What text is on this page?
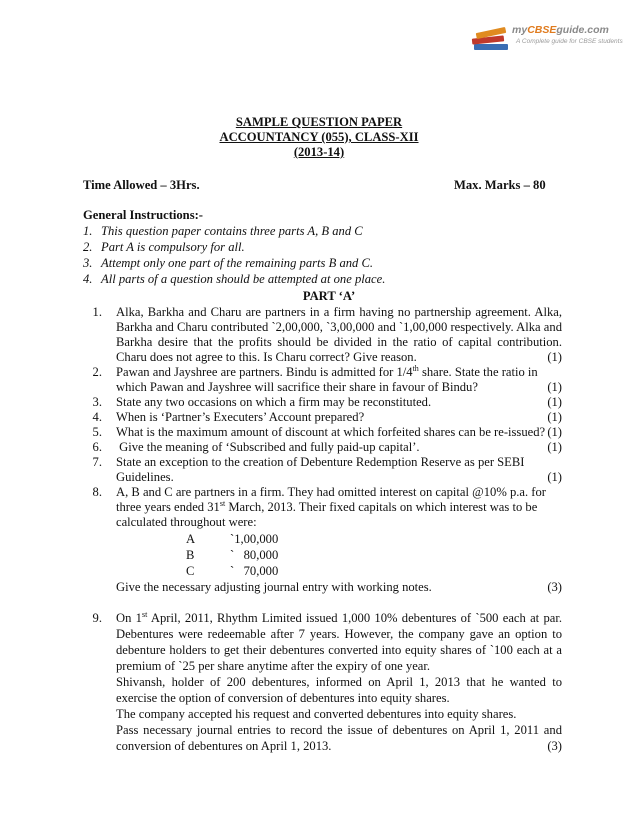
myCBSEguide.com
A Complete guide for CBSE students
SAMPLE QUESTION PAPER
ACCOUNTANCY (055), CLASS-XII
(2013-14)
Time Allowed – 3Hrs.	Max. Marks – 80
General Instructions:-
1. This question paper contains three parts A, B and C
2. Part A is compulsory for all.
3. Attempt only one part of the remaining parts B and C.
4. All parts of a question should be attempted at one place.
PART ‘A’
1. Alka, Barkha and Charu are partners in a firm having no partnership agreement. Alka,
Barkha and Charu contributed `2,00,000, `3,00,000 and `1,00,000 respectively. Alka and
Barkha desire that the profits should be divided in the ratio of capital contribution.
Charu does not agree to this. Is Charu correct? Give reason.	(1)
2. Pawan and Jayshree are partners. Bindu is admitted for 1/4th share. State the ratio in
which Pawan and Jayshree will sacrifice their share in favour of Bindu?	(1)
3. State any two occasions on which a firm may be reconstituted.	(1)
4. When is ‘Partner’s Executers’ Account prepared?	(1)
5. What is the maximum amount of discount at which forfeited shares can be re-issued? (1)
6. Give the meaning of ‘Subscribed and fully paid-up capital’.	(1)
7. State an exception to the creation of Debenture Redemption Reserve as per SEBI
Guidelines.	(1)
8. A, B and C are partners in a firm. They had omitted interest on capital @10% p.a. for
three years ended 31st March, 2013. Their fixed capitals on which interest was to be
calculated throughout were:
A	`1,00,000
B	`   80,000
C	`   70,000
Give the necessary adjusting journal entry with working notes.	(3)
9. On 1st April, 2011, Rhythm Limited issued 1,000 10% debentures of `500 each at par.
Debentures were redeemable after 7 years. However, the company gave an option to
debenture holders to get their debentures converted into equity shares of `100 each at a
premium of `25 per share anytime after the expiry of one year.
Shivansh, holder of 200 debentures, informed on April 1, 2013 that he wanted to
exercise the option of conversion of debentures into equity shares.
The company accepted his request and converted debentures into equity shares.
Pass necessary journal entries to record the issue of debentures on April 1, 2011 and
conversion of debentures on April 1, 2013.	(3)
